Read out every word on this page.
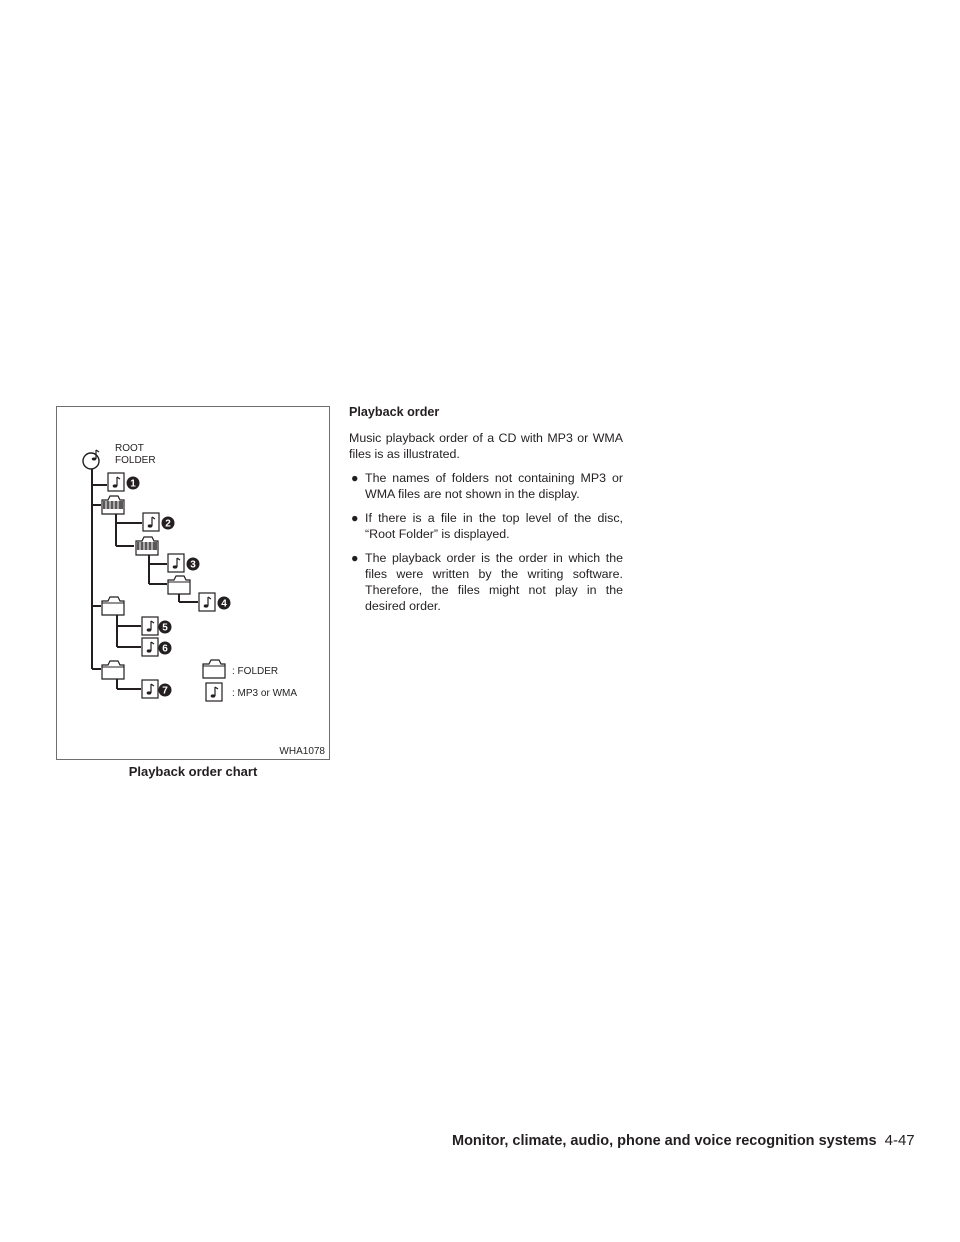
ROOT
FOLDER
1
2
3
4
5
6
7
: FOLDER
: MP3 or WMA
WHA1078
Playback order chart
Playback order

Music playback order of a CD with MP3 or WMA files is as illustrated.

● The names of folders not containing MP3 or WMA files are not shown in the display.
● If there is a file in the top level of the disc, “Root Folder” is displayed.
● The playback order is the order in which the files were written by the writing software. Therefore, the files might not play in the desired order.
Monitor, climate, audio, phone and voice recognition systems 4-47
